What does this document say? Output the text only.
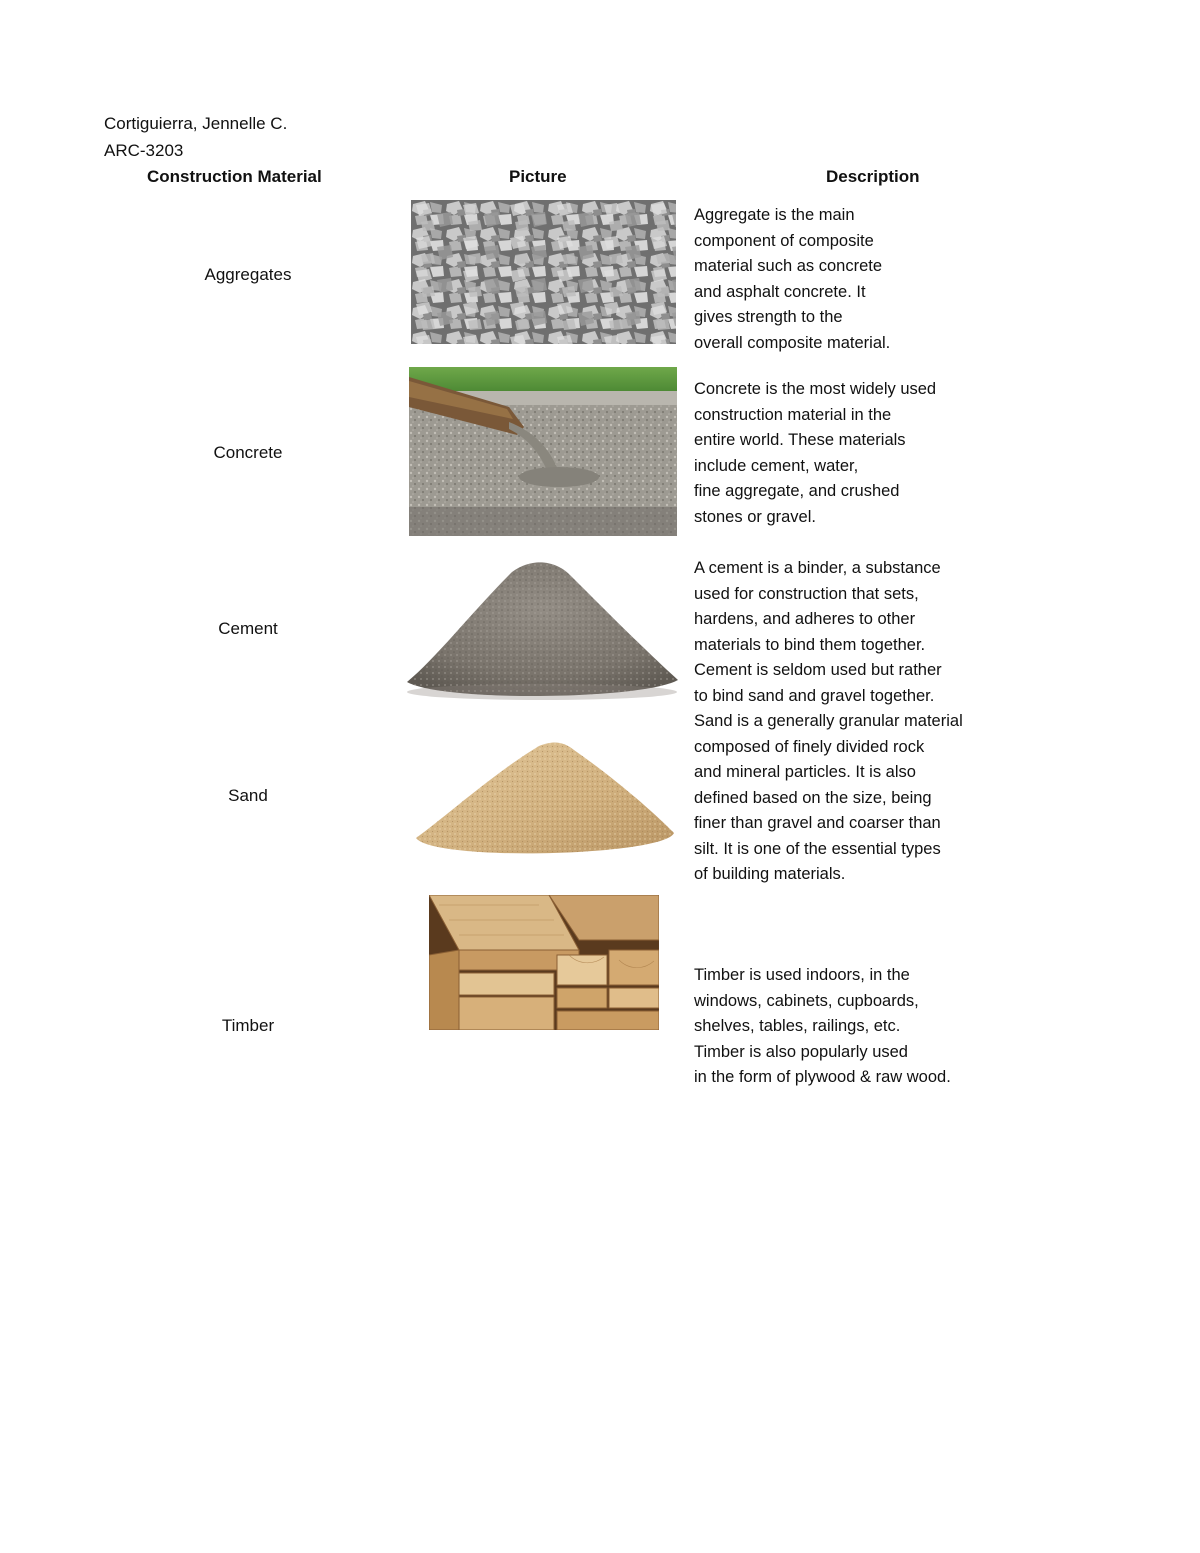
Cortiguierra, Jennelle C.
ARC-3203
Construction Material	Picture	Description
Aggregates
Aggregate is the main
component of composite
material such as concrete
and asphalt concrete. It
gives strength to the
overall composite material.
Concrete
Concrete is the most widely used
construction material in the
entire world. These materials
include cement, water,
fine aggregate, and crushed
stones or gravel.
Cement
A cement is a binder, a substance
used for construction that sets,
hardens, and adheres to other
materials to bind them together.
Cement is seldom used but rather
to bind sand and gravel together.
Sand
Sand is a generally granular material
composed of finely divided rock
and mineral particles. It is also
defined based on the size, being
finer than gravel and coarser than
silt. It is one of the essential types
of building materials.
Timber
Timber is used indoors, in the
windows, cabinets, cupboards,
shelves, tables, railings, etc.
Timber is also popularly used
in the form of plywood & raw wood.
